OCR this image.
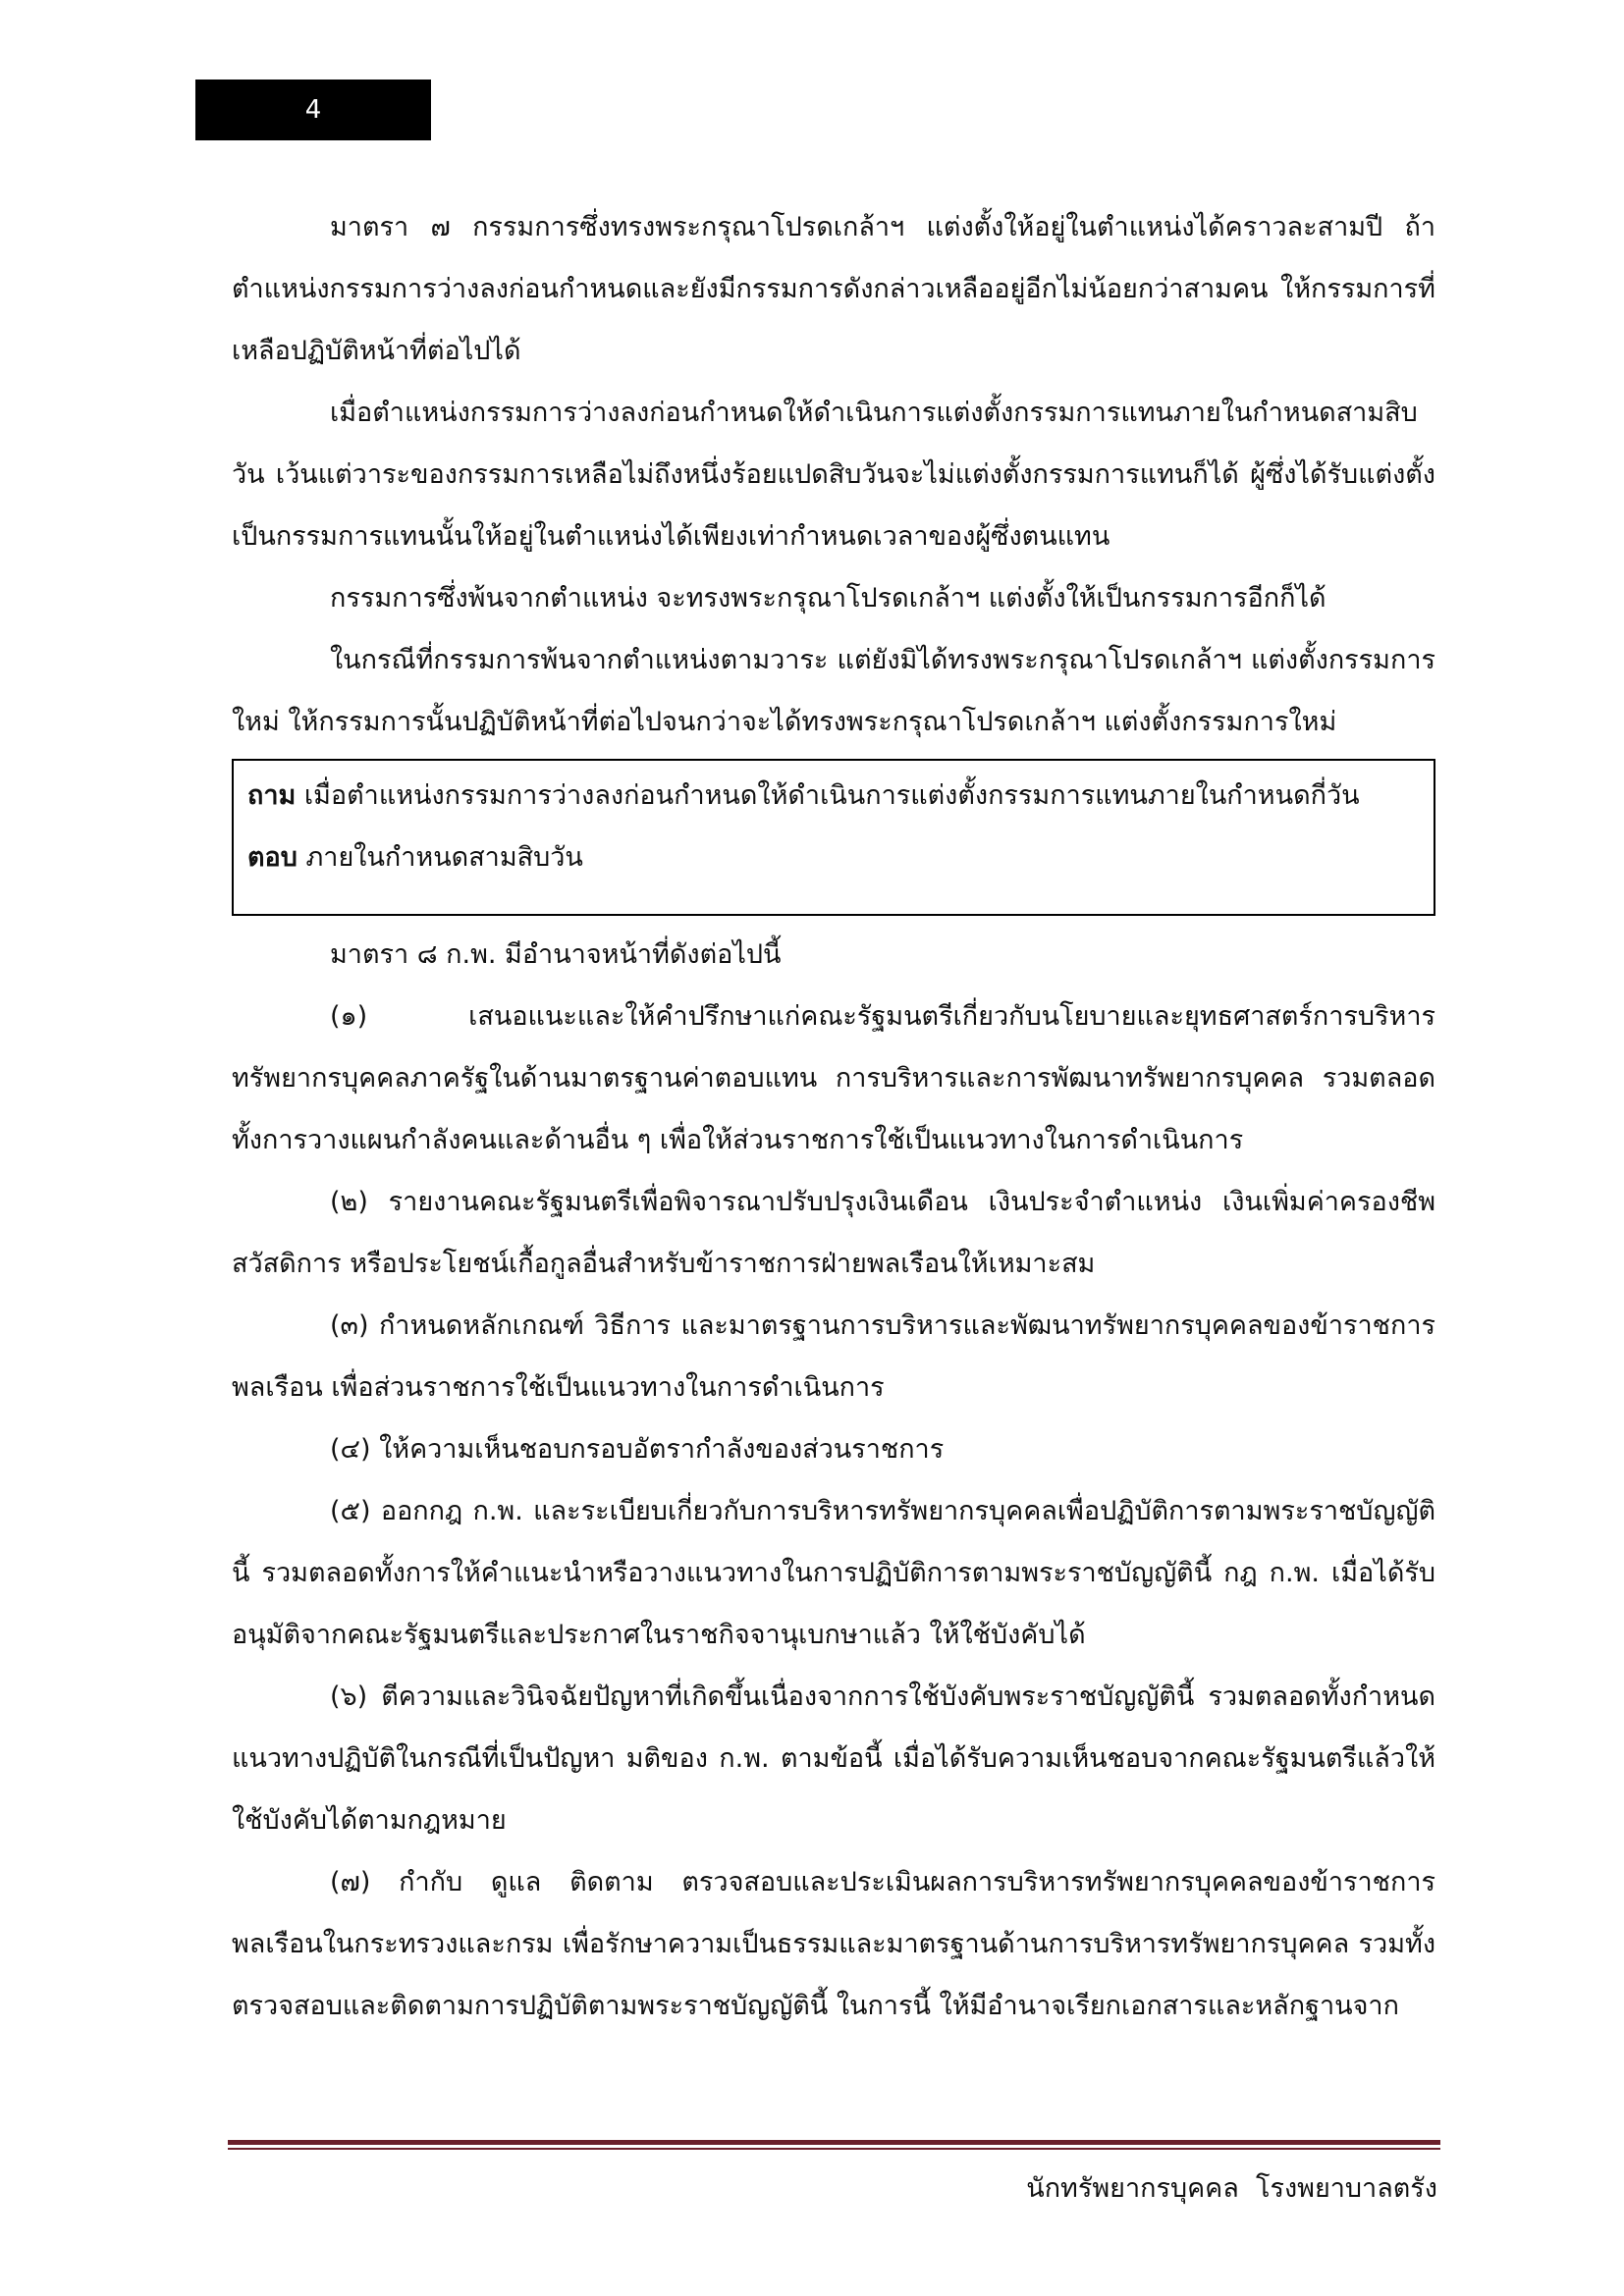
4

มาตรา ๗ กรรมการซึ่งทรงพระกรุณาโปรดเกล้าฯ แต่งตั้งให้อยู่ในตำแหน่งได้คราวละสามปี ถ้าตำแหน่งกรรมการว่างลงก่อนกำหนดและยังมีกรรมการดังกล่าวเหลืออยู่อีกไม่น้อยกว่าสามคน ให้กรรมการที่เหลือปฏิบัติหน้าที่ต่อไปได้

เมื่อตำแหน่งกรรมการว่างลงก่อนกำหนดให้ดำเนินการแต่งตั้งกรรมการแทนภายในกำหนดสามสิบวัน เว้นแต่วาระของกรรมการเหลือไม่ถึงหนึ่งร้อยแปดสิบวันจะไม่แต่งตั้งกรรมการแทนก็ได้ ผู้ซึ่งได้รับแต่งตั้งเป็นกรรมการแทนนั้นให้อยู่ในตำแหน่งได้เพียงเท่ากำหนดเวลาของผู้ซึ่งตนแทน

กรรมการซึ่งพ้นจากตำแหน่ง จะทรงพระกรุณาโปรดเกล้าฯ แต่งตั้งให้เป็นกรรมการอีกก็ได้

ในกรณีที่กรรมการพ้นจากตำแหน่งตามวาระ แต่ยังมิได้ทรงพระกรุณาโปรดเกล้าฯ แต่งตั้งกรรมการใหม่ ให้กรรมการนั้นปฏิบัติหน้าที่ต่อไปจนกว่าจะได้ทรงพระกรุณาโปรดเกล้าฯ แต่งตั้งกรรมการใหม่

ถาม เมื่อตำแหน่งกรรมการว่างลงก่อนกำหนดให้ดำเนินการแต่งตั้งกรรมการแทนภายในกำหนดกี่วัน

ตอบ ภายในกำหนดสามสิบวัน

มาตรา ๘ ก.พ. มีอำนาจหน้าที่ดังต่อไปนี้

(๑) เสนอแนะและให้คำปรึกษาแก่คณะรัฐมนตรีเกี่ยวกับนโยบายและยุทธศาสตร์การบริหารทรัพยากรบุคคลภาครัฐในด้านมาตรฐานค่าตอบแทน การบริหารและการพัฒนาทรัพยากรบุคคล รวมตลอดทั้งการวางแผนกำลังคนและด้านอื่น ๆ เพื่อให้ส่วนราชการใช้เป็นแนวทางในการดำเนินการ

(๒) รายงานคณะรัฐมนตรีเพื่อพิจารณาปรับปรุงเงินเดือน เงินประจำตำแหน่ง เงินเพิ่มค่าครองชีพ สวัสดิการ หรือประโยชน์เกื้อกูลอื่นสำหรับข้าราชการฝ่ายพลเรือนให้เหมาะสม

(๓) กำหนดหลักเกณฑ์ วิธีการ และมาตรฐานการบริหารและพัฒนาทรัพยากรบุคคลของข้าราชการพลเรือน เพื่อส่วนราชการใช้เป็นแนวทางในการดำเนินการ

(๔) ให้ความเห็นชอบกรอบอัตรากำลังของส่วนราชการ

(๕) ออกกฎ ก.พ. และระเบียบเกี่ยวกับการบริหารทรัพยากรบุคคลเพื่อปฏิบัติการตามพระราชบัญญัตินี้ รวมตลอดทั้งการให้คำแนะนำหรือวางแนวทางในการปฏิบัติการตามพระราชบัญญัตินี้ กฎ ก.พ. เมื่อได้รับอนุมัติจากคณะรัฐมนตรีและประกาศในราชกิจจานุเบกษาแล้ว ให้ใช้บังคับได้

(๖) ตีความและวินิจฉัยปัญหาที่เกิดขึ้นเนื่องจากการใช้บังคับพระราชบัญญัตินี้ รวมตลอดทั้งกำหนดแนวทางปฏิบัติในกรณีที่เป็นปัญหา มติของ ก.พ. ตามข้อนี้ เมื่อได้รับความเห็นชอบจากคณะรัฐมนตรีแล้วให้ใช้บังคับได้ตามกฎหมาย

(๗) กำกับ ดูแล ติดตาม ตรวจสอบและประเมินผลการบริหารทรัพยากรบุคคลของข้าราชการพลเรือนในกระทรวงและกรม เพื่อรักษาความเป็นธรรมและมาตรฐานด้านการบริหารทรัพยากรบุคคล รวมทั้งตรวจสอบและติดตามการปฏิบัติตามพระราชบัญญัตินี้ ในการนี้ ให้มีอำนาจเรียกเอกสารและหลักฐานจาก

นักทรัพยากรบุคคล  โรงพยาบาลตรัง
